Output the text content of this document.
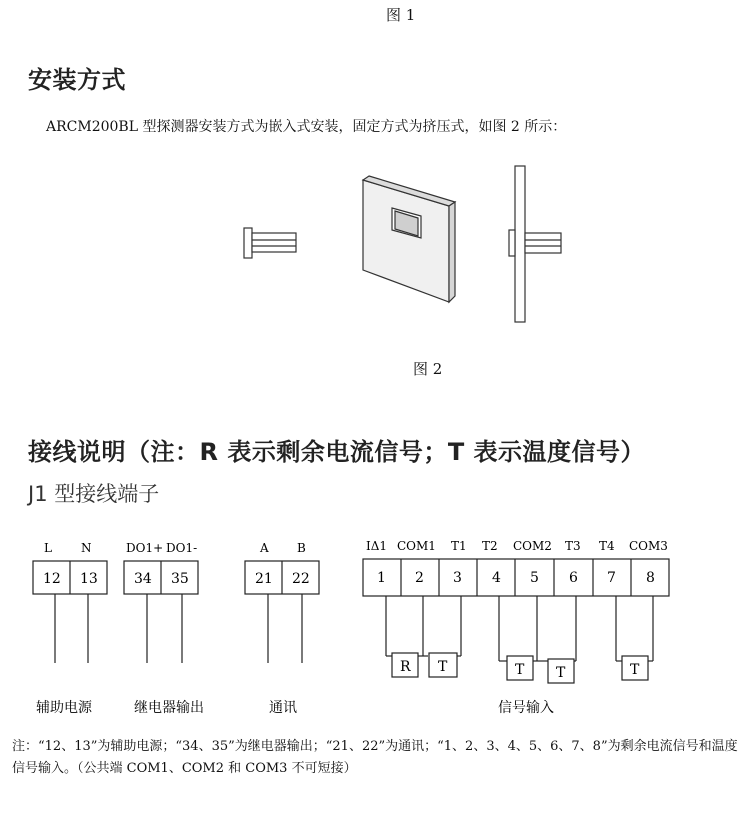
图 1
安装方式
ARCM200BL 型探测器安装方式为嵌入式安装，固定方式为挤压式，如图 2 所示：
图 2
接线说明（注：R 表示剩余电流信号；T 表示温度信号）
J1 型接线端子
L N
12 13
DO1+ DO1-
34 35
A B
21 22
IΔ1 COM1 T1 T2 COM2 T3 T4 COM3
1 2 3 4 5 6 7 8
R T	T T	T
辅助电源	继电器输出	通讯	信号输入
注：“12、13”为辅助电源；“34、35”为继电器输出；“21、22”为通讯；“1、2、3、4、5、6、7、8”为剩余电流信号和温度信号输入。（公共端 COM1、COM2 和 COM3 不可短接）
